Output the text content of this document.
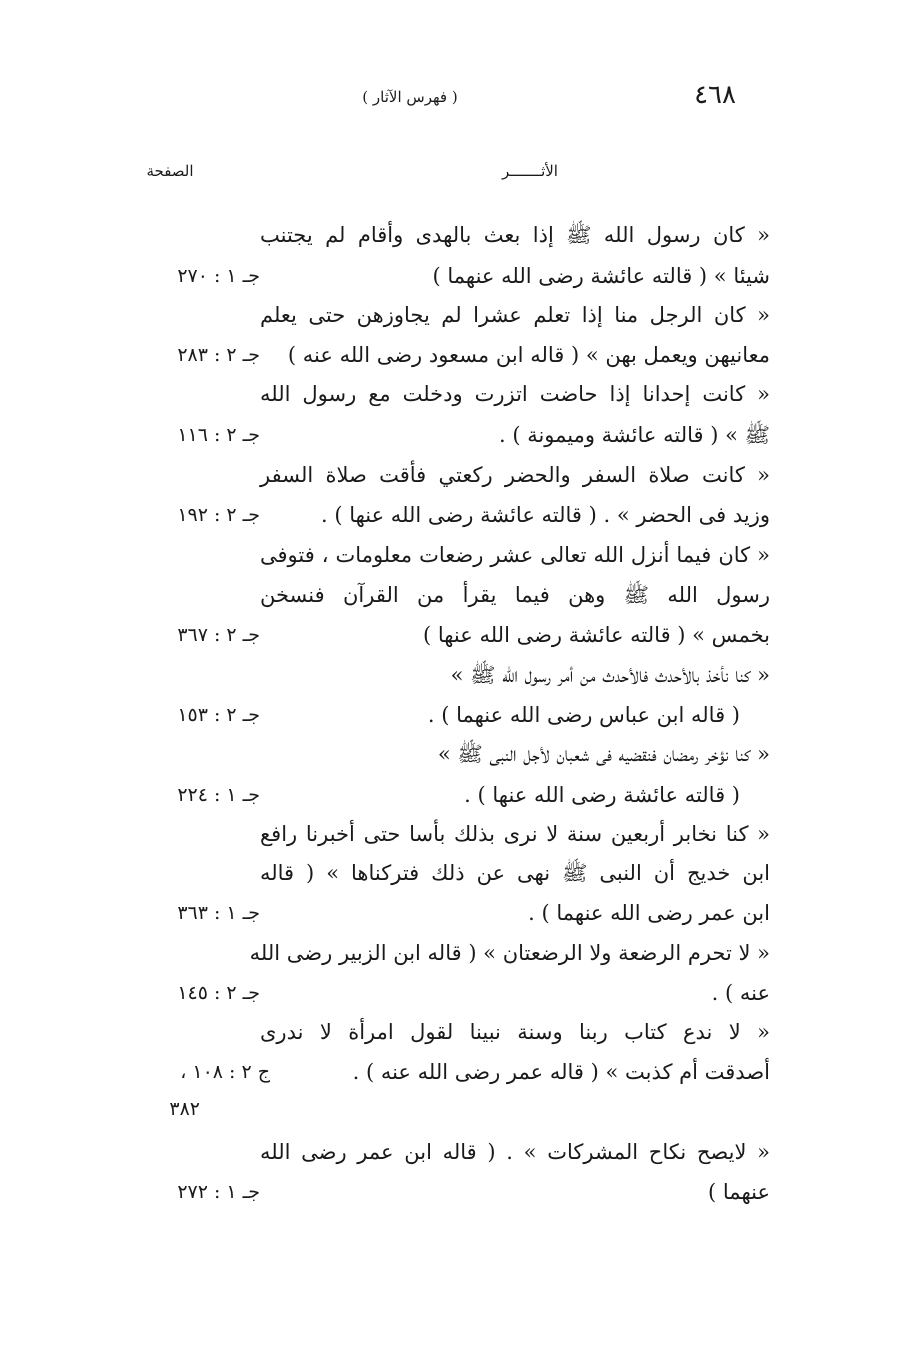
٤٦٨
( فهرس الآثار )
الأثـــــــر
الصفحة
« كان رسول الله ﷺ إذا بعث بالهدى وأقام لم يجتنب
شيئا » ( قالته عائشة رضى الله عنهما )
جـ ١ : ٢٧٠
« كان الرجل منا إذا تعلم عشرا لم يجاوزهن حتى يعلم
معانيهن ويعمل بهن » ( قاله ابن مسعود رضى الله عنه )
جـ ٢ : ٢٨٣
« كانت إحدانا إذا حاضت اتزرت ودخلت مع رسول الله
ﷺ » ( قالته عائشة وميمونة ) .
جـ ٢ : ١١٦
« كانت صلاة السفر والحضر ركعتي فأقت صلاة السفر
وزيد فى الحضر » . ( قالته عائشة رضى الله عنها ) .
جـ ٢ : ١٩٢
« كان فيما أنزل الله تعالى عشر رضعات معلومات ، فتوفى
رسول الله ﷺ وهن فيما يقرأ من القرآن فنسخن
بخمس » ( قالته عائشة رضى الله عنها )
جـ ٢ : ٣٦٧
« كنا نأخذ بالأحدث فالأحدث من أمر رسول الله ﷺ »
( قاله ابن عباس رضى الله عنهما ) .
جـ ٢ : ١٥٣
« كنا نؤخر رمضان فنقضيه فى شعبان لأجل النبى ﷺ »
( قالته عائشة رضى الله عنها ) .
جـ ١ : ٢٢٤
« كنا نخابر أربعين سنة لا نرى بذلك بأسا حتى أخبرنا رافع
ابن خديج أن النبى ﷺ نهى عن ذلك فتركناها » ( قاله
ابن عمر رضى الله عنهما ) .
جـ ١ : ٣٦٣
« لا تحرم الرضعة ولا الرضعتان » ( قاله ابن الزبير رضى الله
عنه ) .
جـ ٢ : ١٤٥
« لا ندع كتاب ربنا وسنة نبينا لقول امرأة لا ندرى
أصدقت أم كذبت » ( قاله عمر رضى الله عنه ) .
ج ٢ : ١٠٨ ،
٣٨٢
« لايصح نكاح المشركات » . ( قاله ابن عمر رضى الله
عنهما )
جـ ١ : ٢٧٢
